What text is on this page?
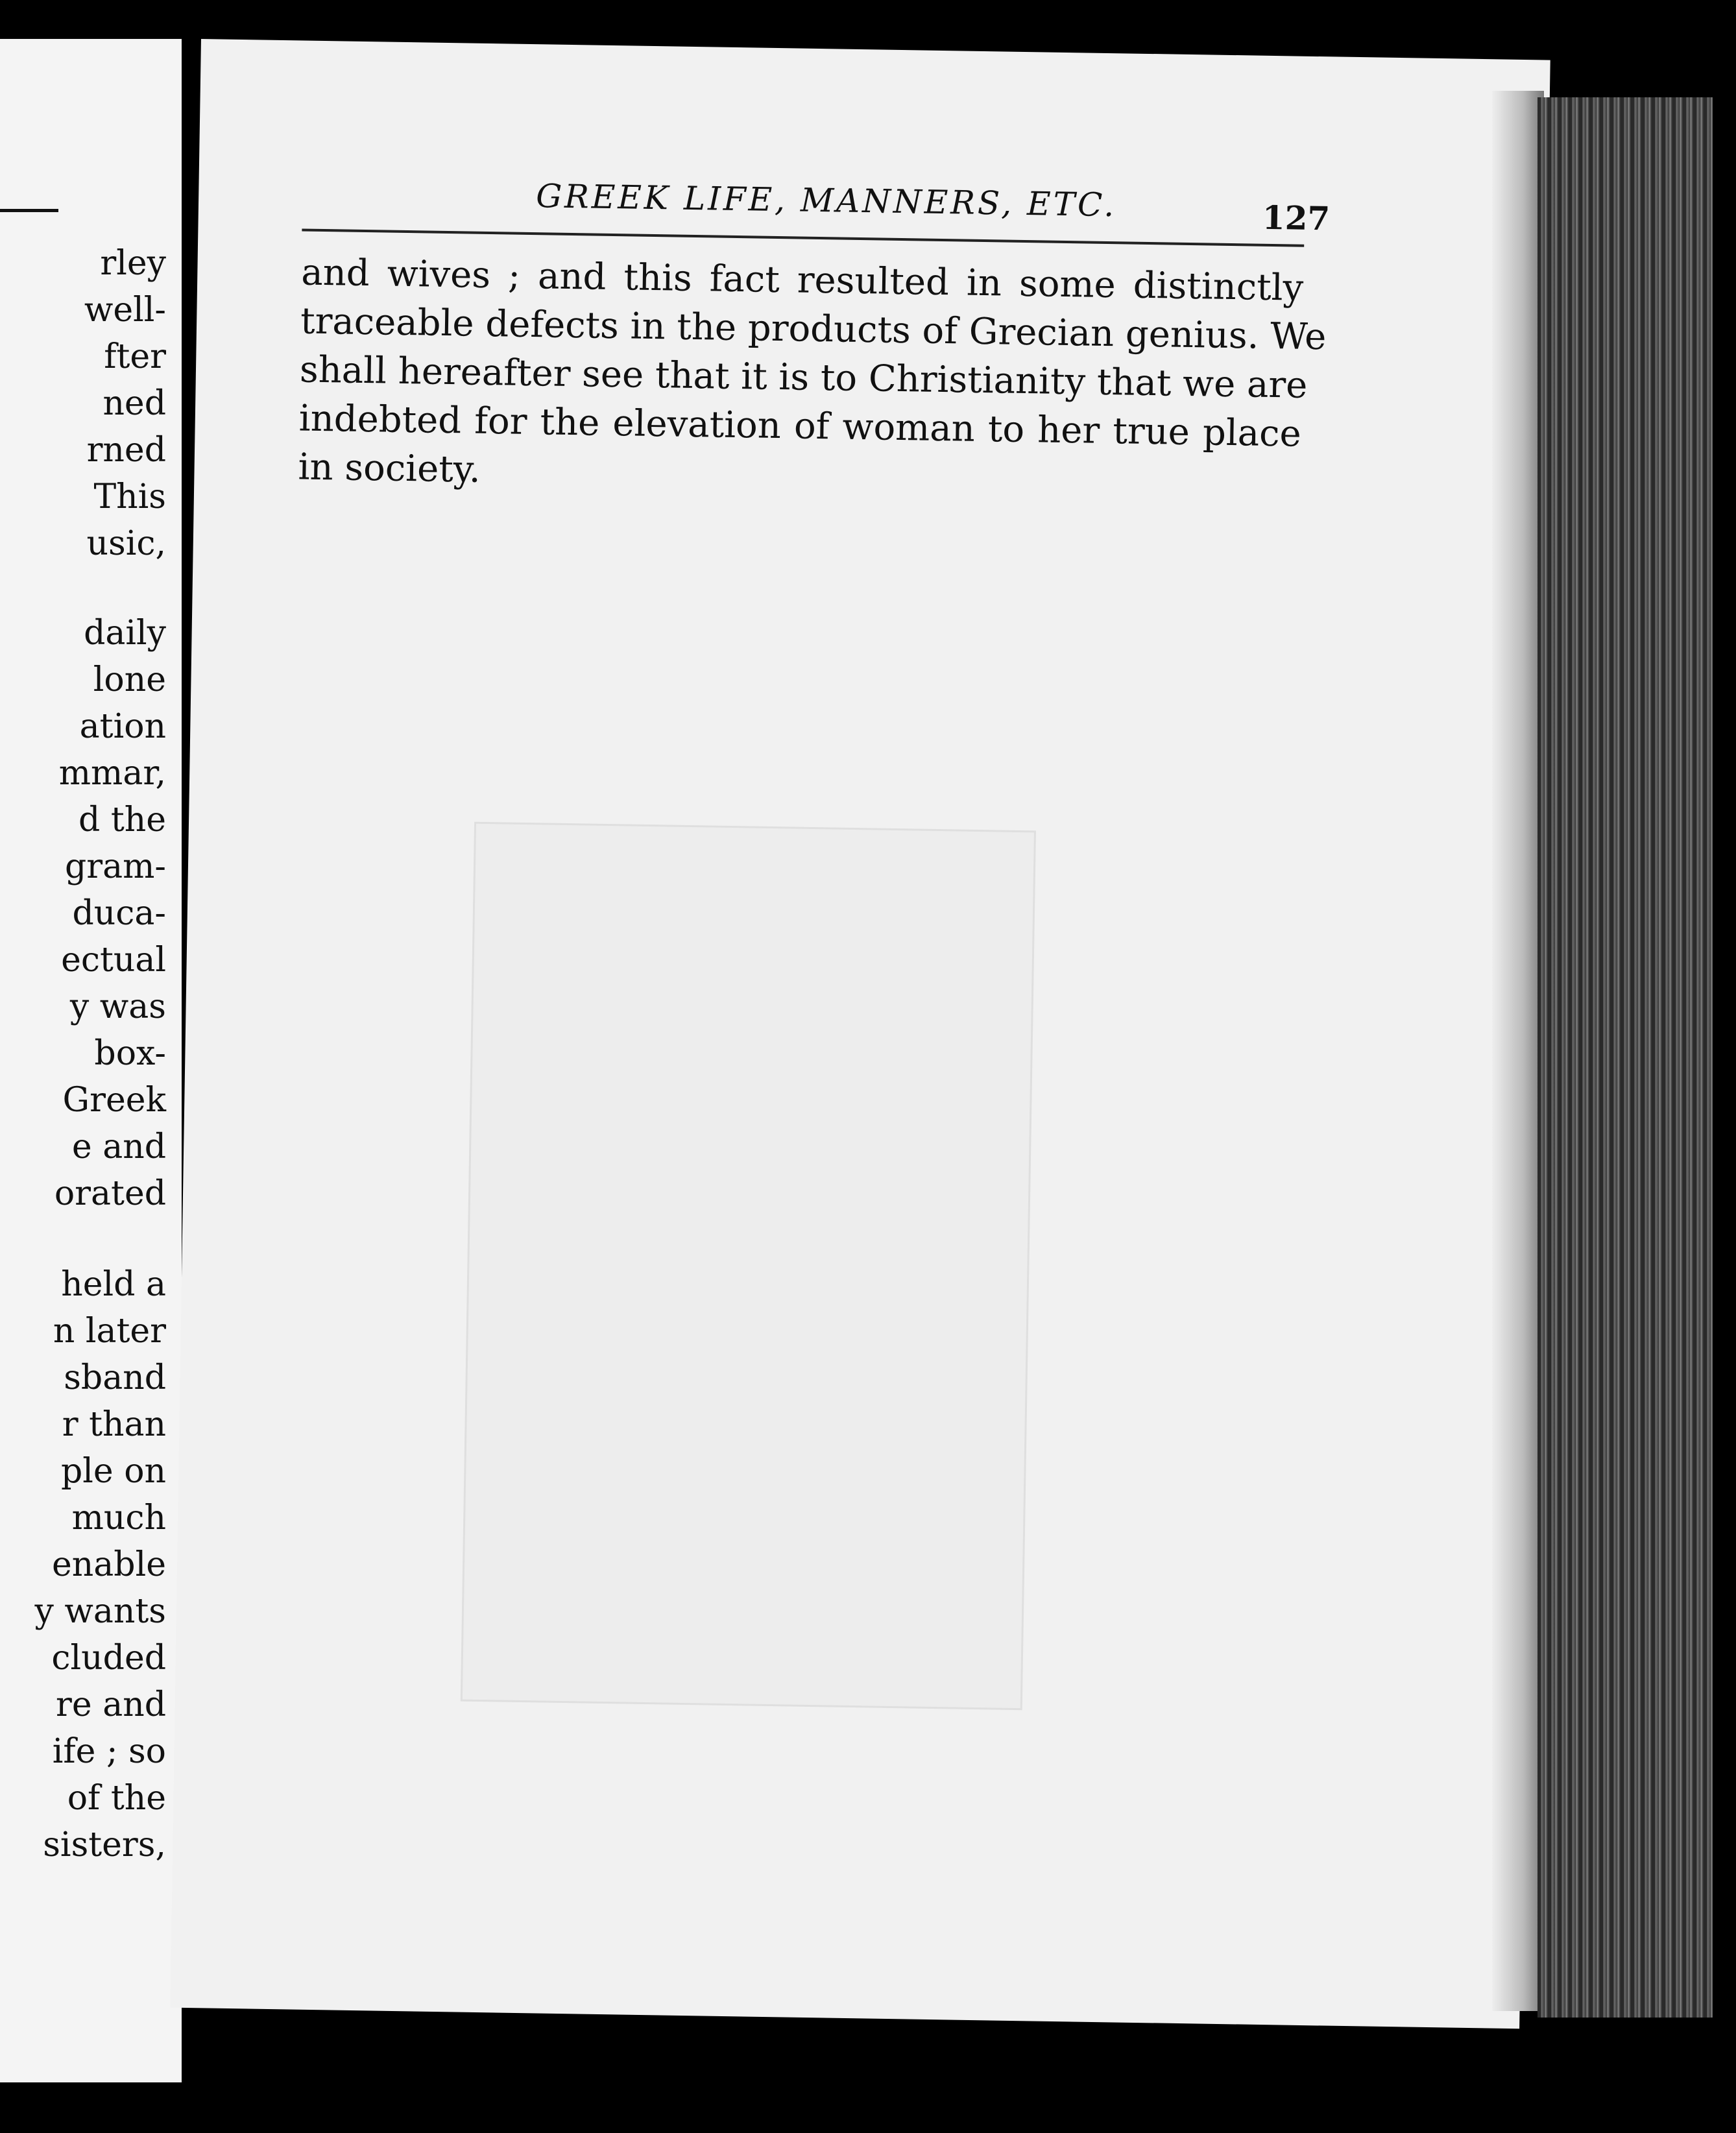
rley
well-
fter
ned
rned
This
usic,
daily
lone
ation
mmar,
d the
gram-
duca-
ectual
y was
box-
Greek
e and
orated
held a
n later
sband
r than
ple on
much
enable
y wants
cluded
re and
ife ; so
of the
sisters,
GREEK LIFE, MANNERS, ETC.	127
and wives ; and this fact resulted in some distinctly
traceable defects in the products of Grecian genius. We
shall hereafter see that it is to Christianity that we are
indebted for the elevation of woman to her true place
in society.
